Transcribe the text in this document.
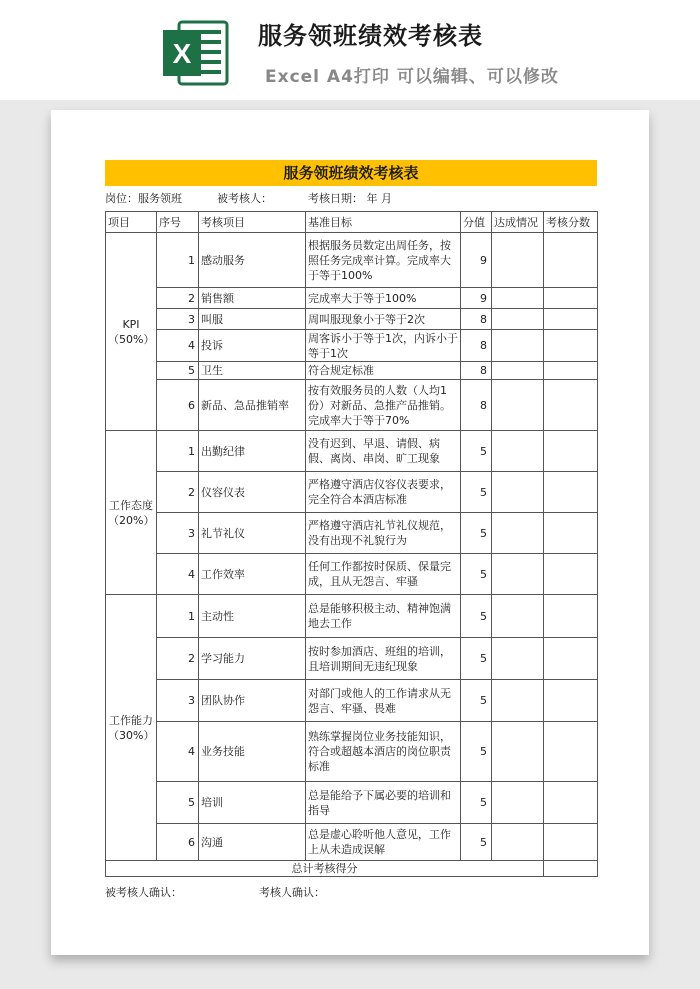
X
服务领班绩效考核表
Excel A4打印 可以编辑、可以修改
服务领班绩效考核表
岗位：服务领班	被考核人：	考核日期： 年 月
项目	序号	考核项目	基准目标	分值	达成情况	考核分数
KPI（50%）	1	感动服务	根据服务员数定出周任务，按照任务完成率计算。完成率大于等于100%	9		
	2	销售额	完成率大于等于100%	9		
	3	叫服	周叫服现象小于等于2次	8		
	4	投诉	周客诉小于等于1次，内诉小于等于1次	8		
	5	卫生	符合规定标准	8		
	6	新品、急品推销率	按有效服务员的人数（人均1份）对新品、急推产品推销。完成率大于等于70%	8		
工作态度（20%）	1	出勤纪律	没有迟到、早退、请假、病假、离岗、串岗、旷工现象	5		
	2	仪容仪表	严格遵守酒店仪容仪表要求，完全符合本酒店标准	5		
	3	礼节礼仪	严格遵守酒店礼节礼仪规范，没有出现不礼貌行为	5		
	4	工作效率	任何工作都按时保质、保量完成，且从无怨言、牢骚	5		
工作能力（30%）	1	主动性	总是能够积极主动、精神饱满地去工作	5		
	2	学习能力	按时参加酒店、班组的培训，且培训期间无违纪现象	5		
	3	团队协作	对部门或他人的工作请求从无怨言、牢骚、畏难	5		
	4	业务技能	熟练掌握岗位业务技能知识，符合或超越本酒店的岗位职责标准	5		
	5	培训	总是能给予下属必要的培训和指导	5		
	6	沟通	总是虚心聆听他人意见，工作上从未造成误解	5		
总计考核得分						
被考核人确认：	考核人确认：
